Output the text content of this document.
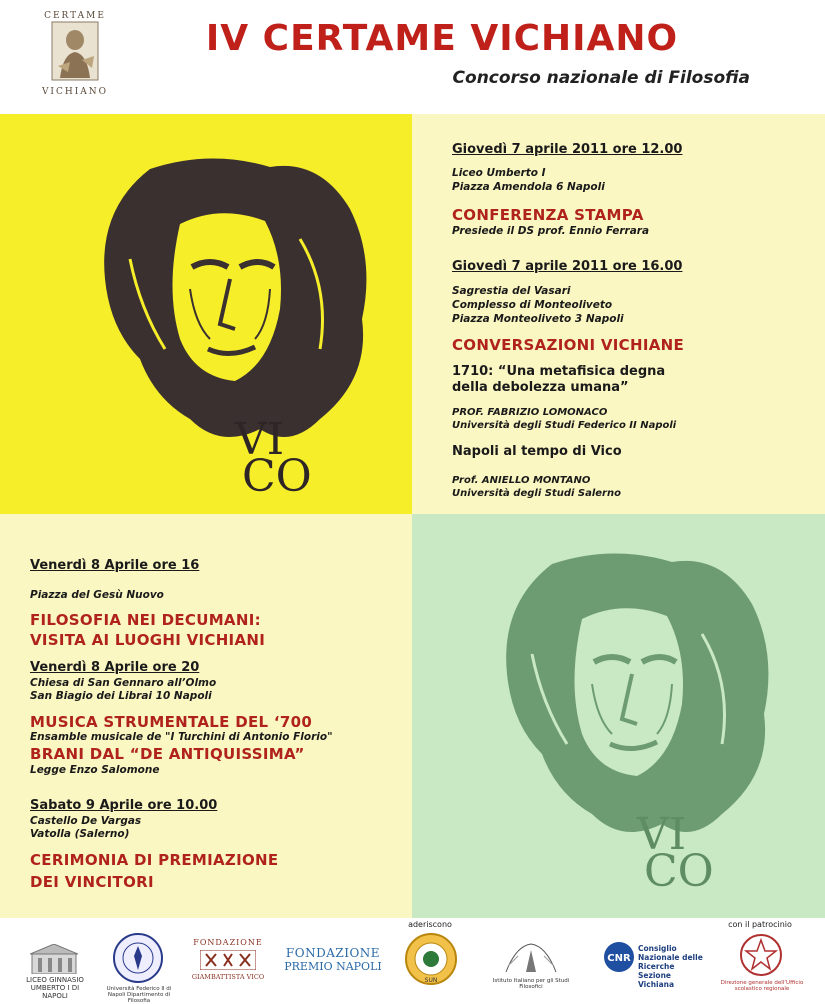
CERTAME
VICHIANO
IV CERTAME VICHIANO
Concorso nazionale di Filosofia
VI
CO
Giovedì 7 aprile 2011 ore 12.00
Liceo Umberto I
Piazza Amendola 6 Napoli
CONFERENZA STAMPA
Presiede il DS prof. Ennio Ferrara
Giovedì 7 aprile 2011 ore 16.00
Sagrestia del Vasari
Complesso di Monteoliveto
Piazza Monteoliveto 3 Napoli
CONVERSAZIONI VICHIANE
1710: “Una metafisica degna
della debolezza umana”
PROF. FABRIZIO LOMONACO
Università degli Studi Federico II Napoli
Napoli al tempo di Vico
Prof. ANIELLO MONTANO
Università degli Studi Salerno
Venerdì 8 Aprile ore 16
Piazza del Gesù Nuovo
FILOSOFIA NEI DECUMANI:
VISITA AI LUOGHI VICHIANI
Venerdì 8 Aprile ore 20
Chiesa di San Gennaro all’Olmo
San Biagio dei Librai 10 Napoli
MUSICA STRUMENTALE DEL ‘700
Ensamble musicale de "I Turchini di Antonio Florio"
BRANI DAL “DE ANTIQUISSIMA”
Legge Enzo Salomone
Sabato 9 Aprile ore 10.00
Castello De Vargas
Vatolla (Salerno)
CERIMONIA DI PREMIAZIONE
DEI VINCITORI
VI
CO
LICEO GINNASIO UMBERTO I DI NAPOLI
Università Federico II di Napoli Dipartimento di Filosofia
FONDAZIONE
GIAMBATTISTA VICO
FONDAZIONE
PREMIO NAPOLI
aderiscono
SUN	Istituto Italiano per gli Studi Filosofici
CNR
Consiglio
Nazionale delle
Ricerche
Sezione Vichiana
con il patrocinio
Direzione generale dell’Ufficio scolastico regionale
